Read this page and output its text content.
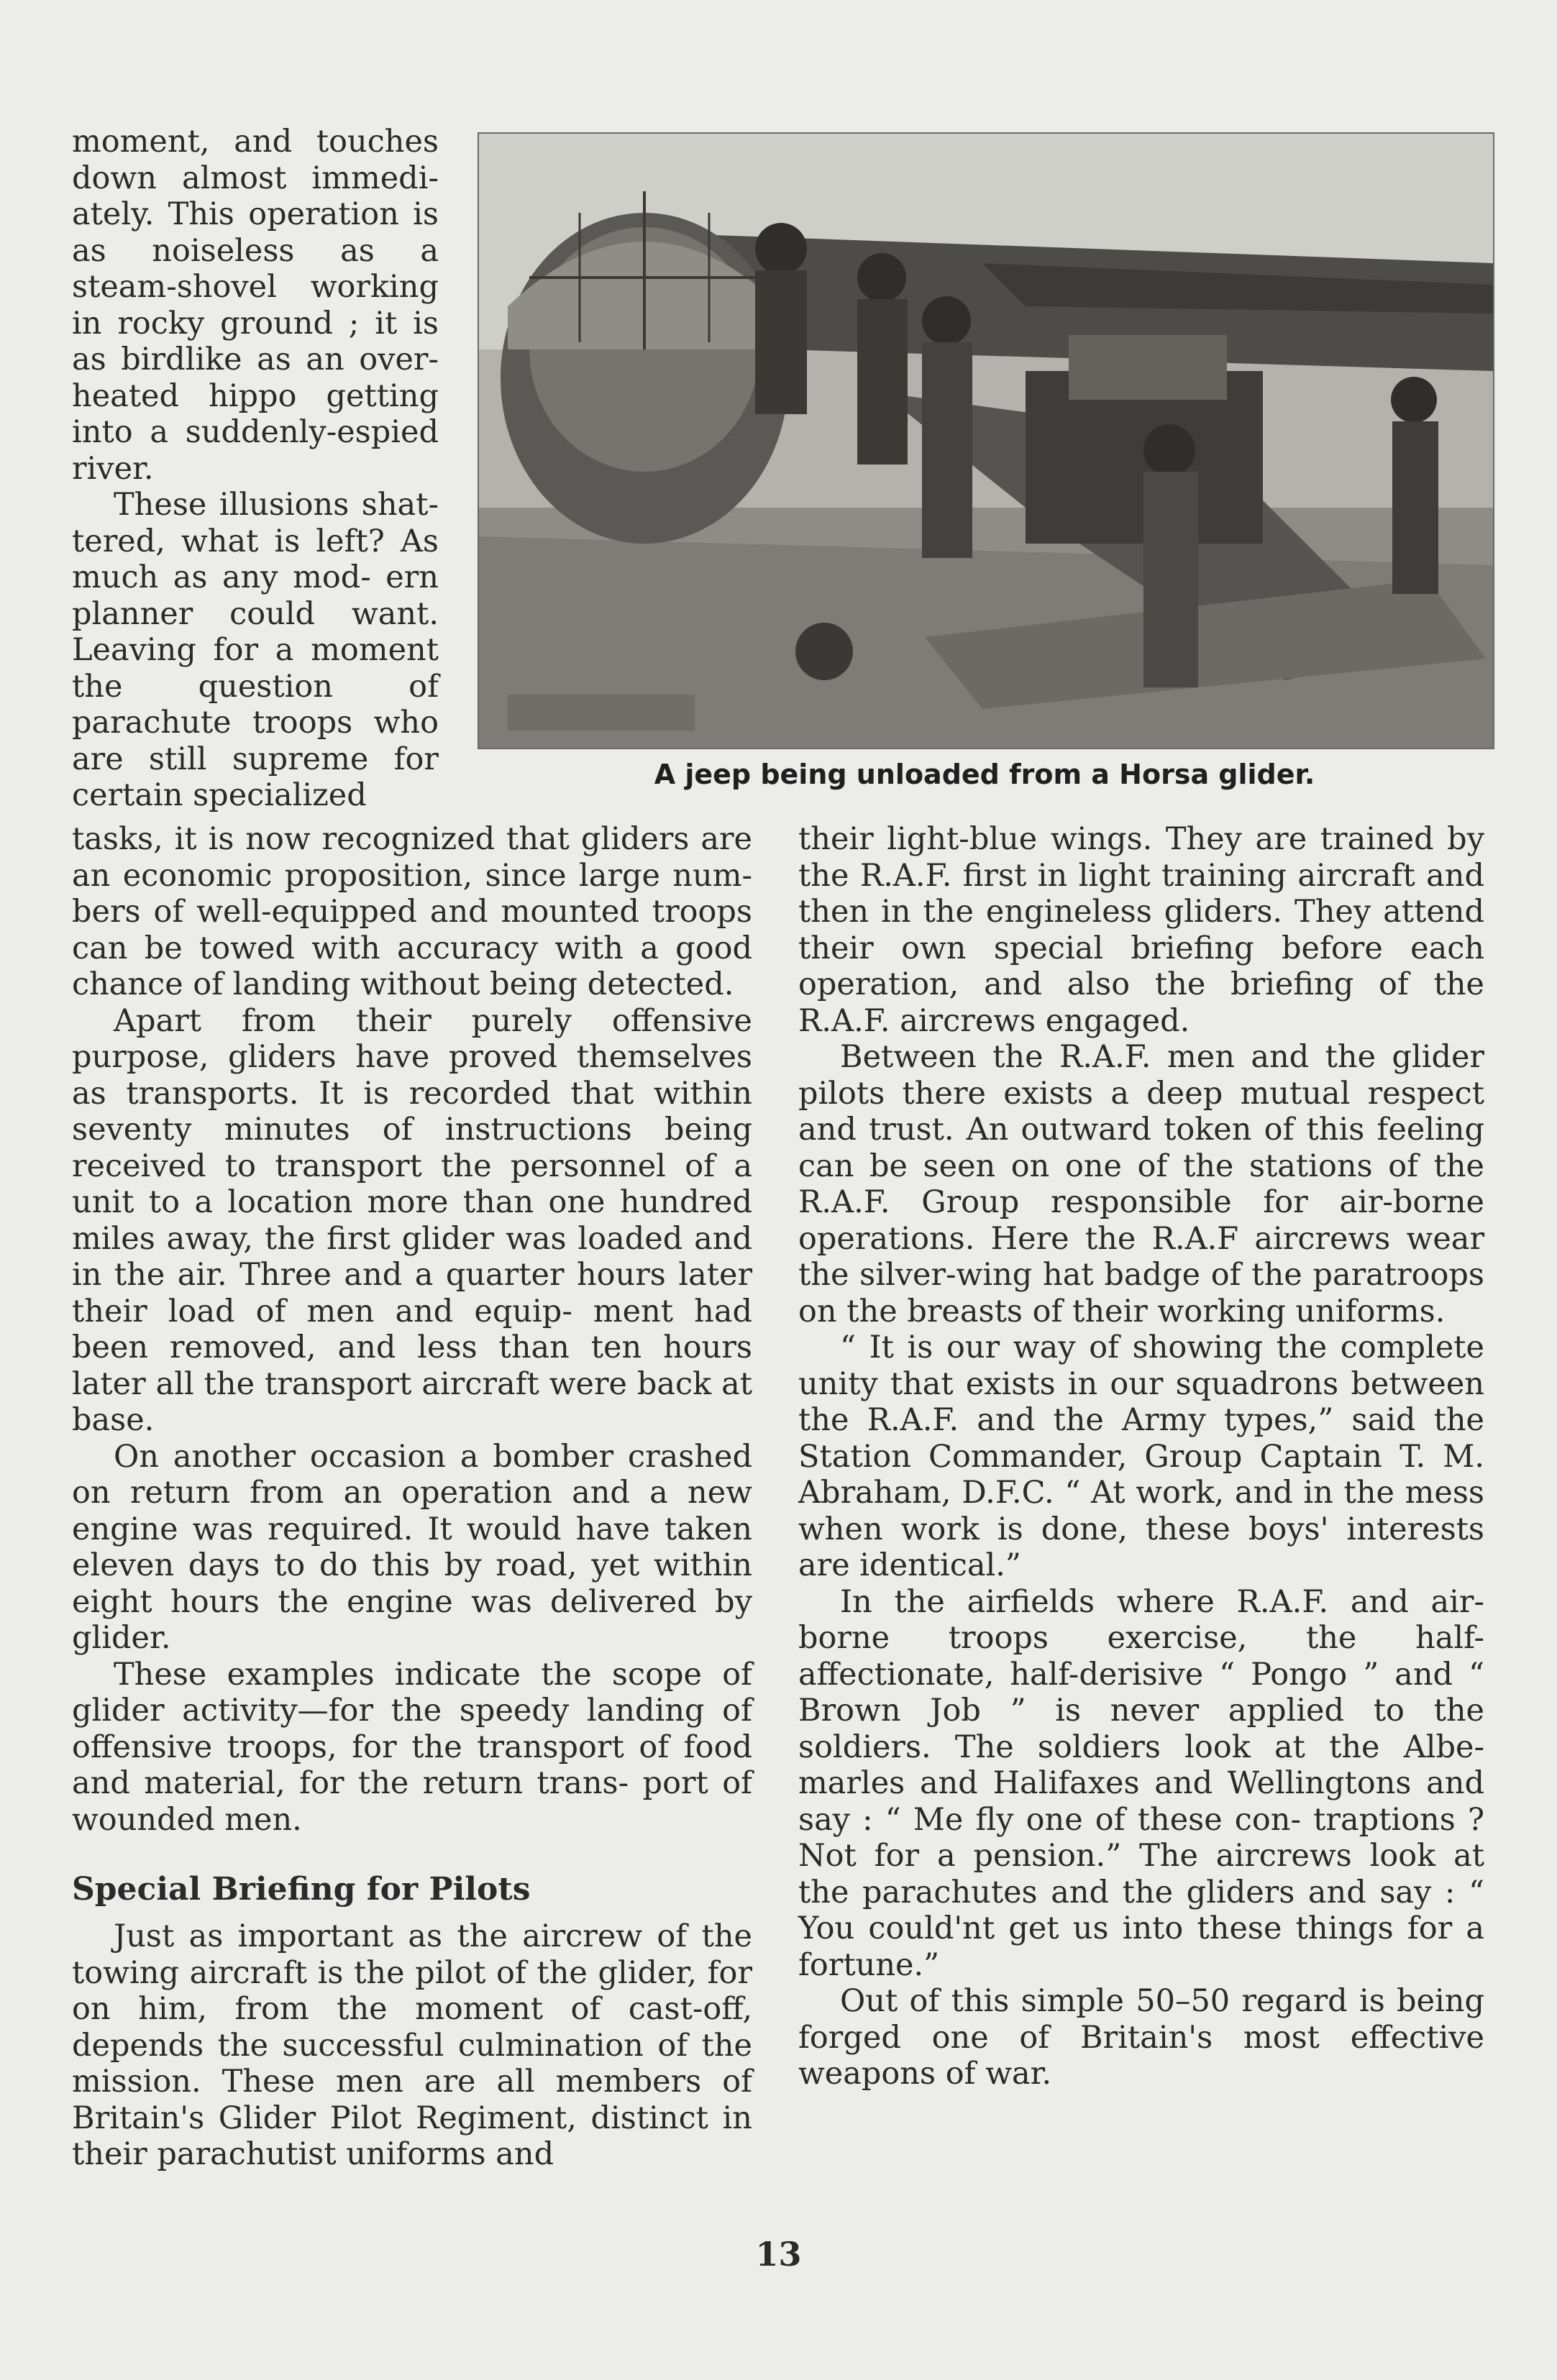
moment, and touches down almost immedi- ately. This operation is as noiseless as a steam-shovel working in rocky ground ; it is as birdlike as an over- heated hippo getting into a suddenly-espied river.

These illusions shat- tered, what is left? As much as any mod- ern planner could want. Leaving for a moment the question of parachute troops who are still supreme for certain specialized

A jeep being unloaded from a Horsa glider.

tasks, it is now recognized that gliders are an economic proposition, since large num- bers of well-equipped and mounted troops can be towed with accuracy with a good chance of landing without being detected.

Apart from their purely offensive purpose, gliders have proved themselves as transports. It is recorded that within seventy minutes of instructions being received to transport the personnel of a unit to a location more than one hundred miles away, the first glider was loaded and in the air. Three and a quarter hours later their load of men and equip- ment had been removed, and less than ten hours later all the transport aircraft were back at base.

On another occasion a bomber crashed on return from an operation and a new engine was required. It would have taken eleven days to do this by road, yet within eight hours the engine was delivered by glider.

These examples indicate the scope of glider activity—for the speedy landing of offensive troops, for the transport of food and material, for the return trans- port of wounded men.

Special Briefing for Pilots

Just as important as the aircrew of the towing aircraft is the pilot of the glider, for on him, from the moment of cast-off, depends the successful culmination of the mission. These men are all members of Britain's Glider Pilot Regiment, distinct in their parachutist uniforms and

their light-blue wings. They are trained by the R.A.F. first in light training aircraft and then in the engineless gliders. They attend their own special briefing before each operation, and also the briefing of the R.A.F. aircrews engaged.

Between the R.A.F. men and the glider pilots there exists a deep mutual respect and trust. An outward token of this feeling can be seen on one of the stations of the R.A.F. Group responsible for air-borne operations. Here the R.A.F aircrews wear the silver-wing hat badge of the paratroops on the breasts of their working uniforms.

“ It is our way of showing the complete unity that exists in our squadrons between the R.A.F. and the Army types,” said the Station Commander, Group Captain T. M. Abraham, D.F.C. “ At work, and in the mess when work is done, these boys' interests are identical.”

In the airfields where R.A.F. and air- borne troops exercise, the half- affectionate, half-derisive “ Pongo ” and “ Brown Job ” is never applied to the soldiers. The soldiers look at the Albe- marles and Halifaxes and Wellingtons and say : “ Me fly one of these con- traptions ? Not for a pension.” The aircrews look at the parachutes and the gliders and say : “ You could'nt get us into these things for a fortune.”

Out of this simple 50–50 regard is being forged one of Britain's most effective weapons of war.

13
